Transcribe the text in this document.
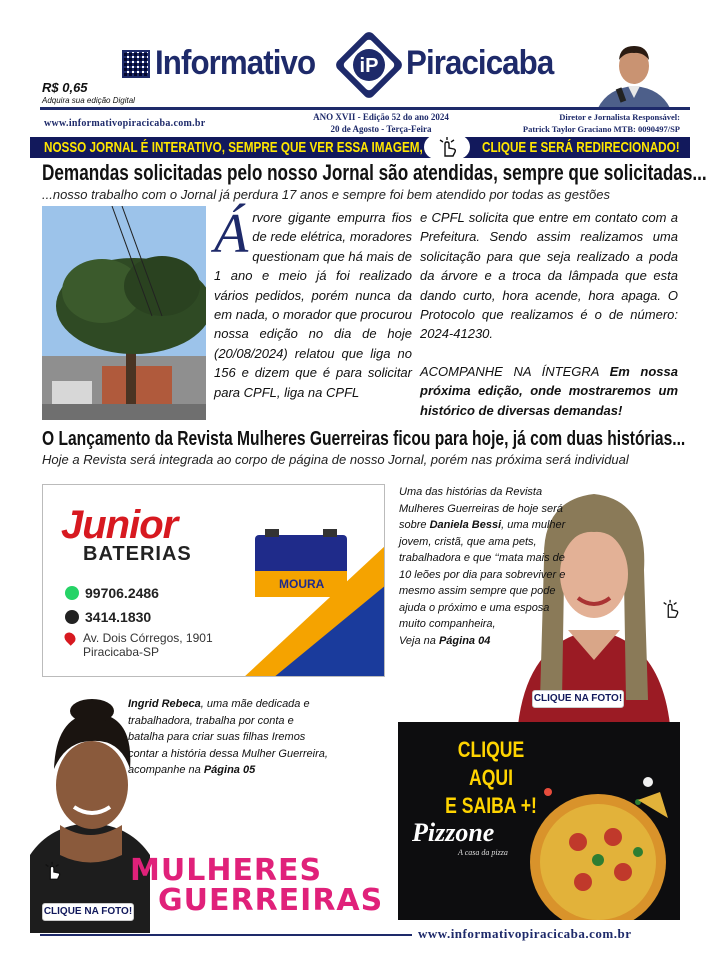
Informativo iP Piracicaba
R$ 0,65
Adquira sua edição Digital
www.informativopiracicaba.com.br
ANO XVII - Edição 52 do ano 2024
20 de Agosto - Terça-Feira
Diretor e Jornalista Responsável:
Patrick Taylor Graciano MTB: 0090497/SP
NOSSO JORNAL É INTERATIVO, SEMPRE QUE VER ESSA IMAGEM,	CLIQUE E SERÁ REDIRECIONADO!
Demandas solicitadas pelo nosso Jornal são atendidas, sempre que solicitadas...
...nosso trabalho com o Jornal já perdura 17 anos e sempre foi bem atendido por todas as gestões
Árvore gigante empurra fios de rede elétrica, moradores questionam que há mais de 1 ano e meio já foi realizado vários pedidos, porém nunca da em nada, o morador que procurou nossa edição no dia de hoje (20/08/2024) relatou que liga no 156 e dizem que é para solicitar para CPFL, liga na CPFL
e CPFL solicita que entre em contato com a Prefeitura. Sendo assim realizamos uma solicitação para que seja realizado a poda da árvore e a troca da lâmpada que esta dando curto, hora acende, hora apaga. O Protocolo que realizamos é o de número: 2024-41230.
ACOMPANHE NA ÍNTEGRA Em nossa próxima edição, onde mostraremos um histórico de diversas demandas!
O Lançamento da Revista Mulheres Guerreiras ficou para hoje, já com duas histórias...
Hoje a Revista será integrada ao corpo de página de nosso Jornal, porém nas próxima será individual
Junior
BATERIAS
MOURA
99706.2486
3414.1830
Av. Dois Córregos, 1901
Piracicaba-SP
Uma das histórias da Revista Mulheres Guerreiras de hoje será sobre Daniela Bessi, uma mulher jovem, cristã, que ama pets, trabalhadora e que ‘‘mata mais de 10 leões por dia para sobreviver e mesmo assim sempre que pode ajuda o próximo e uma esposa muito companheira,
Veja na Página 04
CLIQUE NA FOTO!
Ingrid Rebeca, uma mãe dedicada e trabalhadora, trabalha por conta e batalha para criar suas filhas Iremos contar a história dessa Mulher Guerreira, acompanhe na Página 05
MULHERES
GUERREIRAS
CLIQUE NA FOTO!
CLIQUE AQUI
E SAIBA +!
Pizzone
A casa da pizza
www.informativopiracicaba.com.br
